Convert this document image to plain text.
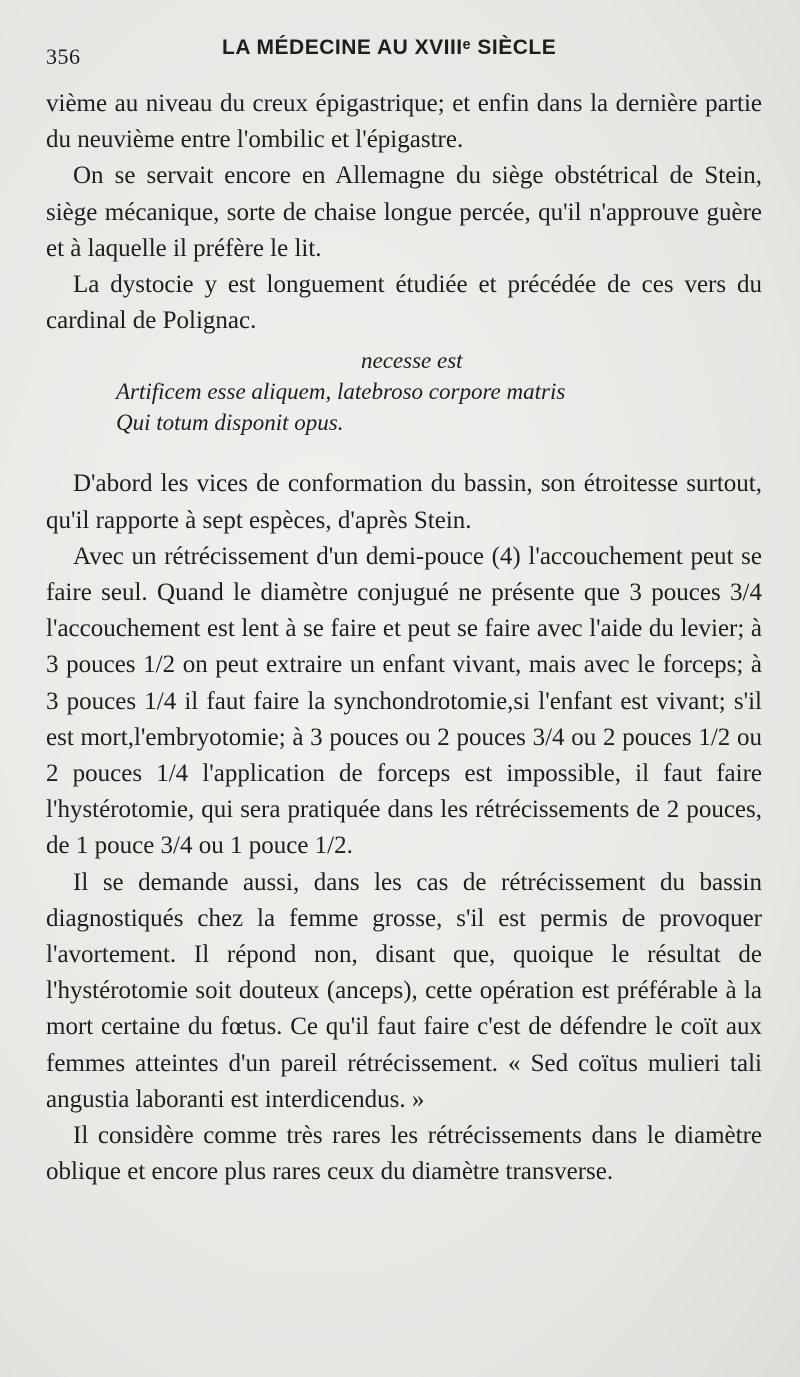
356	LA MÉDECINE AU XVIIIᵉ SIÈCLE

vième au niveau du creux épigastrique; et enfin dans la dernière partie du neuvième entre l'ombilic et l'épigastre.

On se servait encore en Allemagne du siège obstétrical de Stein, siège mécanique, sorte de chaise longue percée, qu'il n'approuve guère et à laquelle il préfère le lit.

La dystocie y est longuement étudiée et précédée de ces vers du cardinal de Polignac.

necesse est
Artificem esse aliquem, latebroso corpore matris
Qui totum disponit opus.

D'abord les vices de conformation du bassin, son étroitesse surtout, qu'il rapporte à sept espèces, d'après Stein.

Avec un rétrécissement d'un demi-pouce (4) l'accouchement peut se faire seul. Quand le diamètre conjugué ne présente que 3 pouces 3/4 l'accouchement est lent à se faire et peut se faire avec l'aide du levier; à 3 pouces 1/2 on peut extraire un enfant vivant, mais avec le forceps; à 3 pouces 1/4 il faut faire la synchondrotomie,si l'enfant est vivant; s'il est mort,l'embryotomie; à 3 pouces ou 2 pouces 3/4 ou 2 pouces 1/2 ou 2 pouces 1/4 l'application de forceps est impossible, il faut faire l'hystérotomie, qui sera pratiquée dans les rétrécissements de 2 pouces, de 1 pouce 3/4 ou 1 pouce 1/2.

Il se demande aussi, dans les cas de rétrécissement du bassin diagnostiqués chez la femme grosse, s'il est permis de provoquer l'avortement. Il répond non, disant que, quoique le résultat de l'hystérotomie soit douteux (anceps), cette opération est préférable à la mort certaine du fœtus. Ce qu'il faut faire c'est de défendre le coït aux femmes atteintes d'un pareil rétrécissement. « Sed coïtus mulieri tali angustia laboranti est interdicendus. »

Il considère comme très rares les rétrécissements dans le diamètre oblique et encore plus rares ceux du diamètre transverse.
